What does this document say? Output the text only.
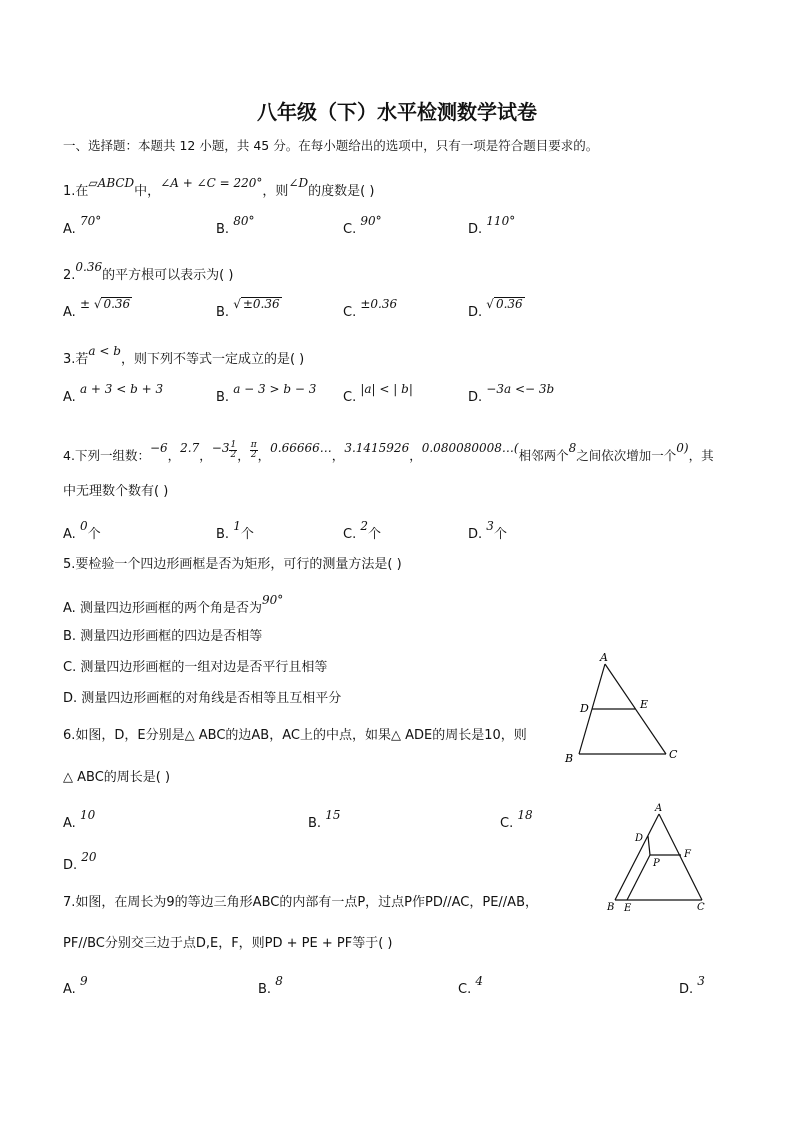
八年级（下）水平检测数学试卷
一、选择题：本题共 12 小题，共 45 分。在每小题给出的选项中，只有一项是符合题目要求的。
1.在▱ABCD中，∠A + ∠C = 220°，则∠D的度数是( )
A. 70°
B. 80°
C. 90°
D. 110°
2.0.36的平方根可以表示为( )
A. ± √ 0.36
B. √ ±0.36
C. ±0.36
D. √ 0.36
3.若a < b，则下列不等式一定成立的是( )
A. a + 3 < b + 3
B. a − 3 > b − 3
C. |a| < | b|
D. −3a <− 3b
4.下列一组数：−6，2.7，$-3 \frac{1}{2}$ ， $\frac{\pi}{2}$ ，0.66666…，3.1415926，0.080080008…(相邻两个8之间依次增加一个0)，其
中无理数个数有( )
A. 0个	B. 1个	C. 2个	D. 3个
5.要检验一个四边形画框是否为矩形，可行的测量方法是( )
A. 测量四边形画框的两个角是否为90°
B. 测量四边形画框的四边是否相等
C. 测量四边形画框的一组对边是否平行且相等
D. 测量四边形画框的对角线是否相等且互相平分
A
D	E
B	C
6.如图，D，E分别是△ ABC的边AB，AC上的中点，如果△ ADE的周长是10，则
△ ABC的周长是( )
A. 10
B. 15
C. 18
D. 20
A
D
F
P
B E	C
7.如图，在周长为9的等边三角形ABC的内部有一点P，过点P作PD//AC，PE//AB，
PF//BC分别交三边于点D,E，F，则PD + PE + PF等于( )
A. 9
B. 8
C. 4
D. 3
